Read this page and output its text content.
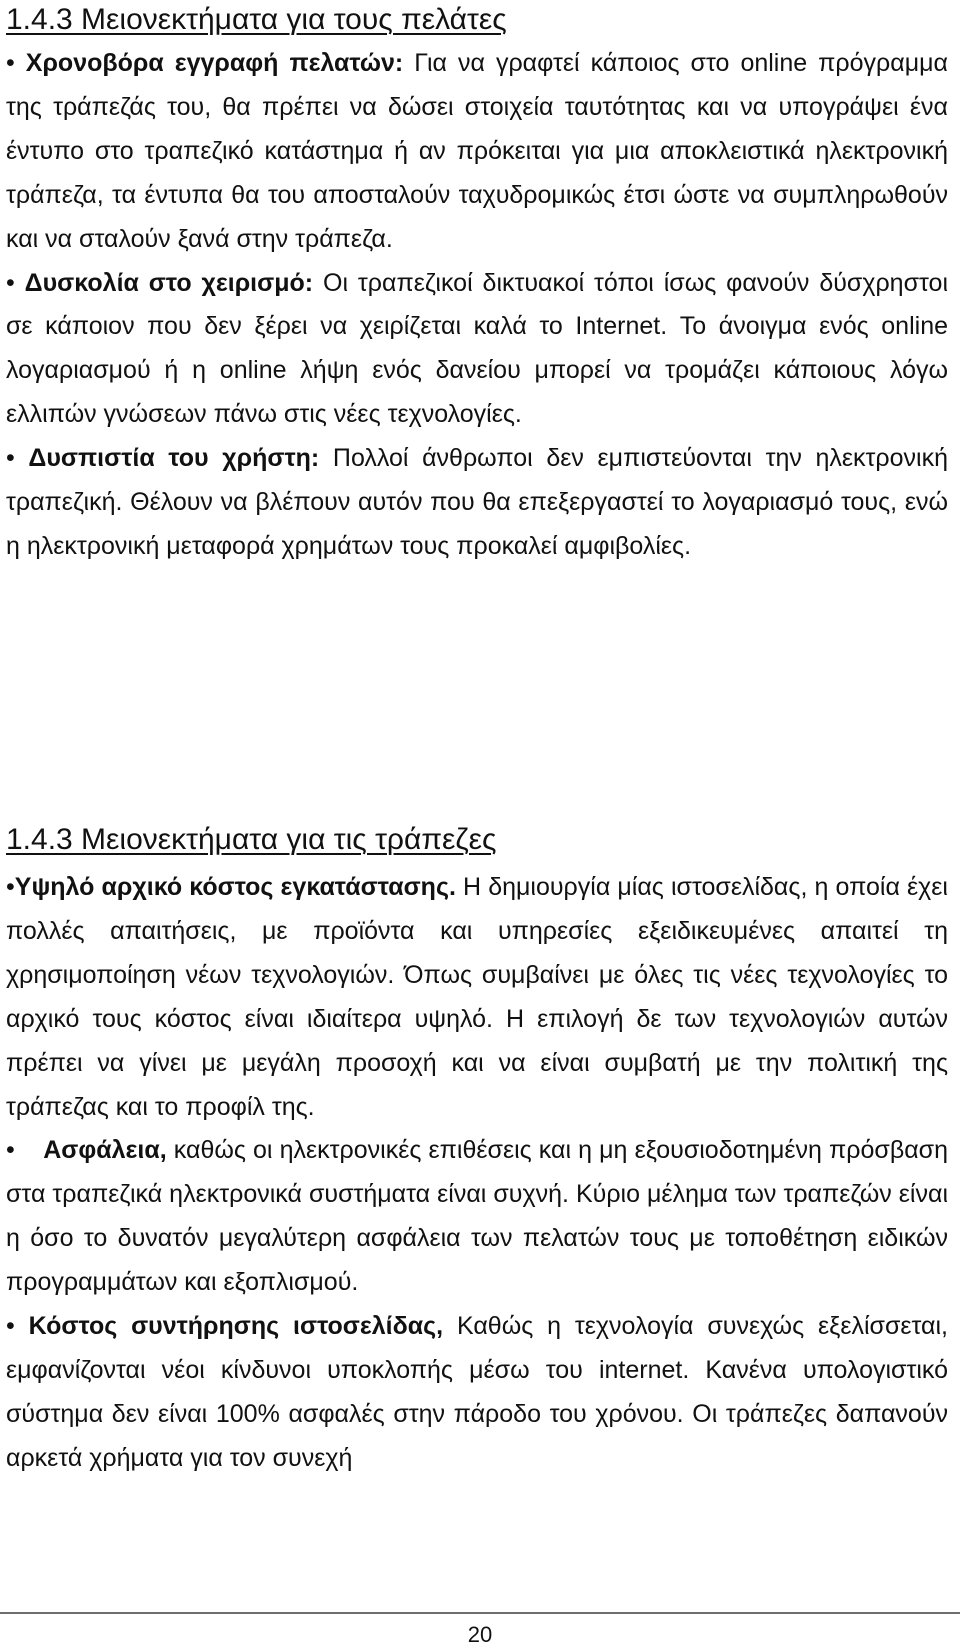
1.4.3 Μειονεκτήματα για τους πελάτες

• Χρονοβόρα εγγραφή πελατών: Για να γραφτεί κάποιος στο online πρόγραμμα της τράπεζάς του, θα πρέπει να δώσει στοιχεία ταυτότητας και να υπογράψει ένα έντυπο στο τραπεζικό κατάστημα ή αν πρόκειται για μια αποκλειστικά ηλεκτρονική τράπεζα, τα έντυπα θα του αποσταλούν ταχυδρομικώς έτσι ώστε να συμπληρωθούν και να σταλούν ξανά στην τράπεζα.

• Δυσκολία στο χειρισμό: Οι τραπεζικοί δικτυακοί τόποι ίσως φανούν δύσχρηστοι σε κάποιον που δεν ξέρει να χειρίζεται καλά το Internet. Το άνοιγμα ενός online λογαριασμού ή η online λήψη ενός δανείου μπορεί να τρομάζει κάποιους λόγω ελλιπών γνώσεων πάνω στις νέες τεχνολογίες.

• Δυσπιστία του χρήστη: Πολλοί άνθρωποι δεν εμπιστεύονται την ηλεκτρονική τραπεζική. Θέλουν να βλέπουν αυτόν που θα επεξεργαστεί το λογαριασμό τους, ενώ η ηλεκτρονική μεταφορά χρημάτων τους προκαλεί αμφιβολίες.

1.4.3 Μειονεκτήματα για τις τράπεζες

•Υψηλό αρχικό κόστος εγκατάστασης. Η δημιουργία μίας ιστοσελίδας, η οποία έχει πολλές απαιτήσεις, με προϊόντα και υπηρεσίες εξειδικευμένες απαιτεί τη χρησιμοποίηση νέων τεχνολογιών. Όπως συμβαίνει με όλες τις νέες τεχνολογίες το αρχικό τους κόστος είναι ιδιαίτερα υψηλό. Η επιλογή δε των τεχνολογιών αυτών πρέπει να γίνει με μεγάλη προσοχή και να είναι συμβατή με την πολιτική της τράπεζας και το προφίλ της.

•    Ασφάλεια, καθώς οι ηλεκτρονικές επιθέσεις και η μη εξουσιοδοτημένη πρόσβαση στα τραπεζικά ηλεκτρονικά συστήματα είναι συχνή. Κύριο μέλημα των τραπεζών είναι η όσο το δυνατόν μεγαλύτερη ασφάλεια των πελατών τους με τοποθέτηση ειδικών προγραμμάτων και εξοπλισμού.

• Κόστος συντήρησης ιστοσελίδας, Καθώς η τεχνολογία συνεχώς εξελίσσεται, εμφανίζονται νέοι κίνδυνοι υποκλοπής μέσω του internet. Κανένα υπολογιστικό σύστημα δεν είναι 100% ασφαλές στην πάροδο του χρόνου. Οι τράπεζες δαπανούν αρκετά χρήματα για τον συνεχή

20
